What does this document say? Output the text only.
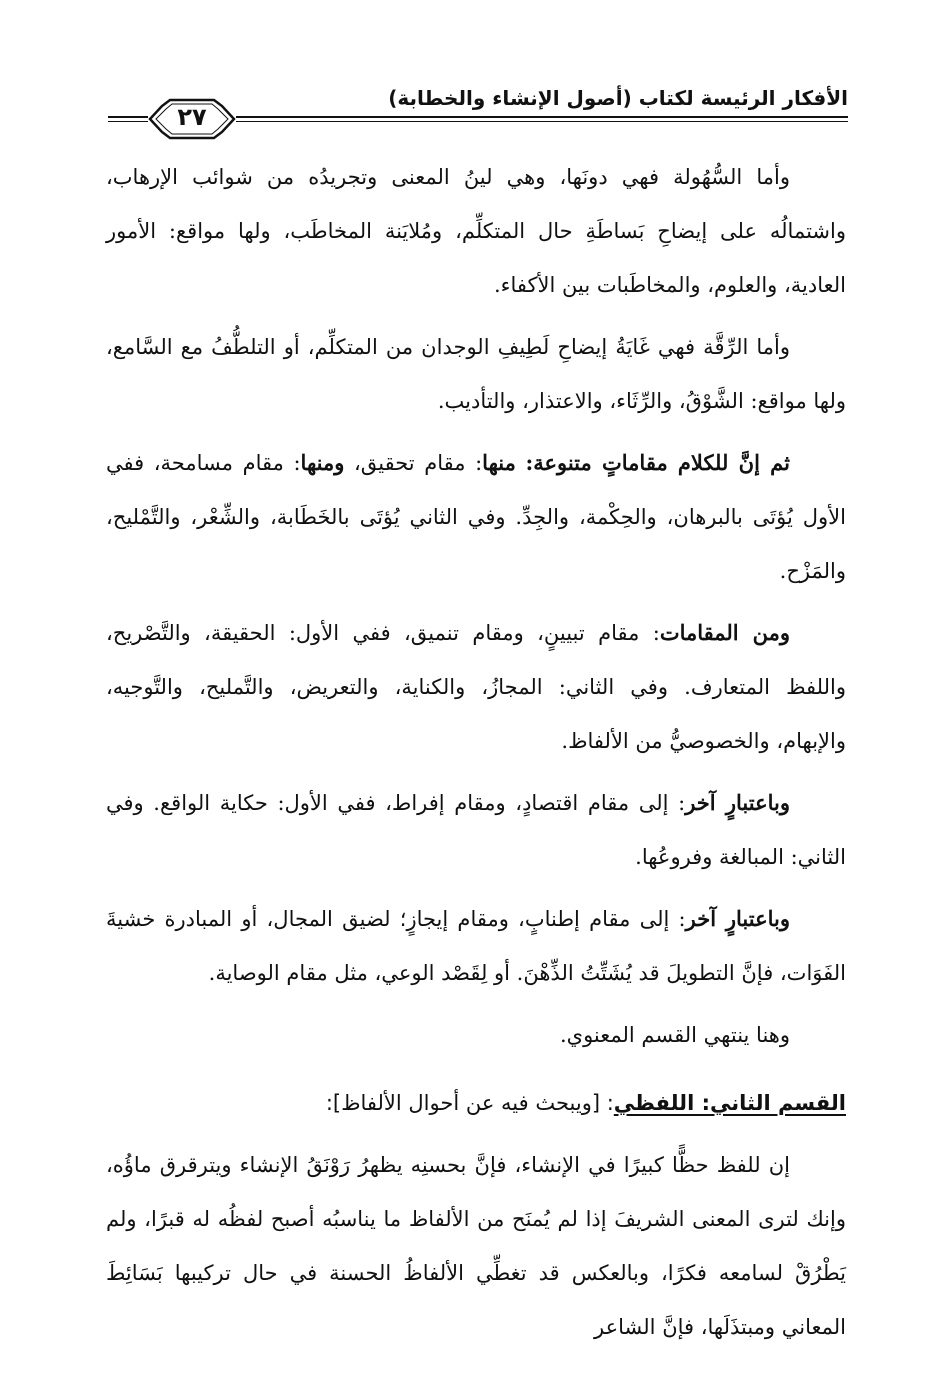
الأفكار الرئيسة لكتاب (أصول الإنشاء والخطابة)
٢٧

وأما السُّهُولة فهي دونَها، وهي لينُ المعنى وتجريدُه من شوائب الإرهاب، واشتمالُه على إيضاحِ بَساطَةِ حال المتكلِّم، ومُلايَنة المخاطَب، ولها مواقع: الأمور العادية، والعلوم، والمخاطَبات بين الأكفاء.

وأما الرِّقَّة فهي غَايَةُ إيضاحِ لَطِيفِ الوجدان من المتكلِّم، أو التلطُّفُ مع السَّامع، ولها مواقع: الشَّوْقُ، والرِّثَاء، والاعتذار، والتأديب.

ثم إنَّ للكلام مقاماتٍ متنوعة: منها: مقام تحقيق، ومنها: مقام مسامحة، ففي الأول يُؤتَى بالبرهان، والحِكْمة، والجِدِّ. وفي الثاني يُؤتَى بالخَطَابة، والشِّعْر، والتَّمْليح، والمَزْح.

ومن المقامات: مقام تبيينٍ، ومقام تنميق، ففي الأول: الحقيقة، والتَّصْريح، واللفظ المتعارف. وفي الثاني: المجازُ، والكناية، والتعريض، والتَّمليح، والتَّوجيه، والإبهام، والخصوصيُّ من الألفاظ.

وباعتبارٍ آخر: إلى مقام اقتصادٍ، ومقام إفراط، ففي الأول: حكاية الواقع. وفي الثاني: المبالغة وفروعُها.

وباعتبارٍ آخر: إلى مقام إطنابٍ، ومقام إيجازٍ؛ لضيق المجال، أو المبادرة خشيةَ الفَوَات، فإنَّ التطويلَ قد يُشَتِّتُ الذِّهْنَ. أو لِقَصْد الوعي، مثل مقام الوصاية.

وهنا ينتهي القسم المعنوي.

القسم الثاني: اللفظي: [ويبحث فيه عن أحوال الألفاظ]:

إن للفظ حظًّا كبيرًا في الإنشاء، فإنَّ بحسنِه يظهرُ رَوْنَقُ الإنشاء ويترقرق ماؤُه، وإنك لترى المعنى الشريفَ إذا لم يُمنَح من الألفاظ ما يناسبُه أصبح لفظُه له قبرًا، ولم يَطْرُقْ لسامعه فكرًا، وبالعكس قد تغطِّي الألفاظُ الحسنة في حال تركيبها بَسَائِطَ المعاني ومبتذَلَها، فإنَّ الشاعر
